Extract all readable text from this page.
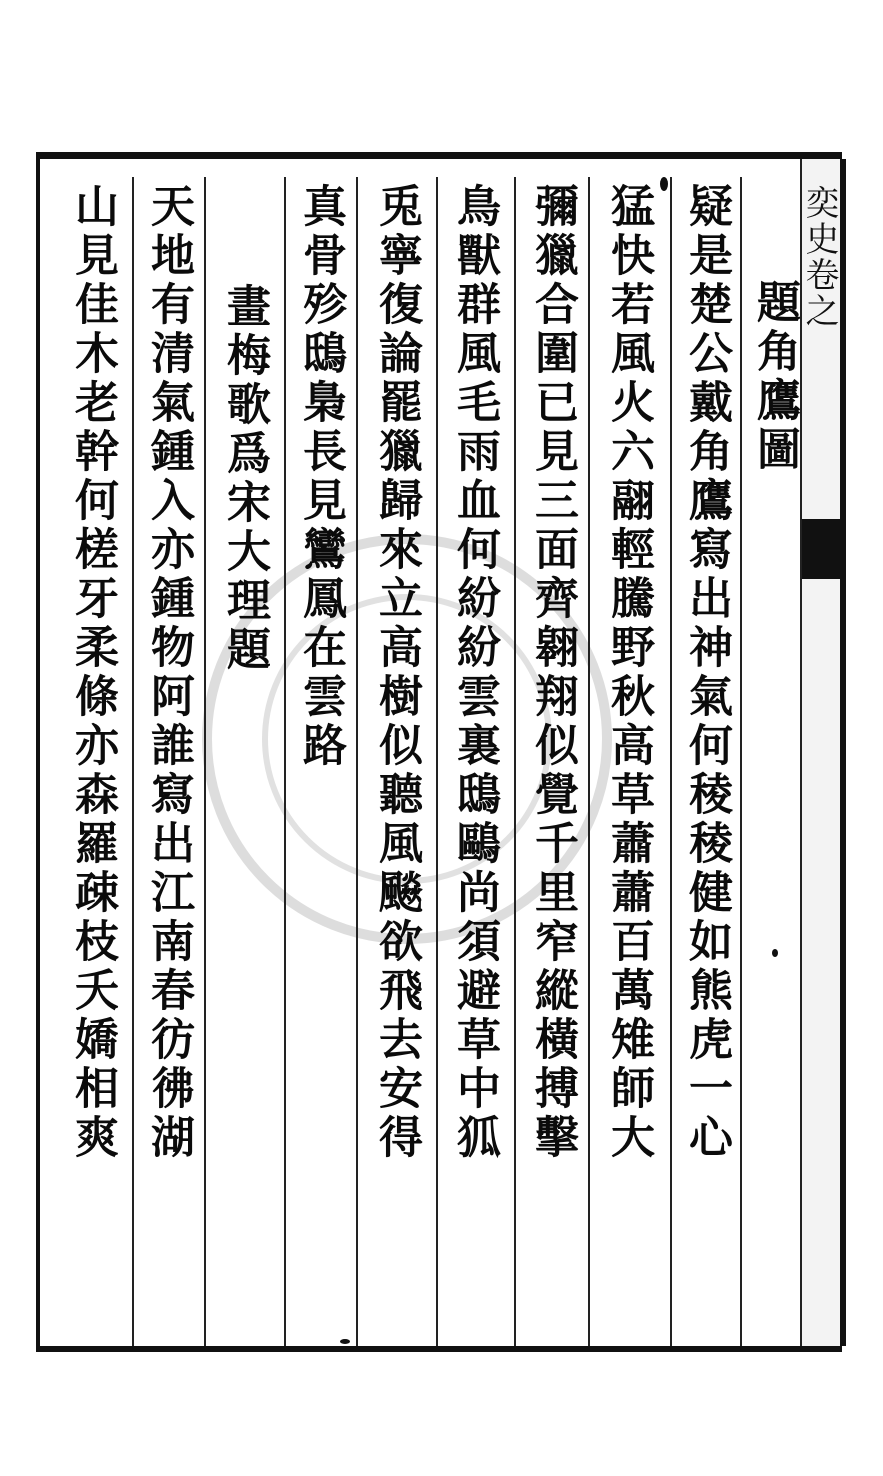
奕史卷之
題角鷹圖
疑是楚公戴角鷹寫出神氣何稜稜健如熊虎一心
猛快若風火六翮輕騰野秋高草蕭蕭百萬雉師大
彌獵合圍已見三面齊翱翔似覺千里窄縱橫搏擊
鳥獸群風毛雨血何紛紛雲裏鴟鷗尚須避草中狐
兎寧復論罷獵歸來立高樹似聽風飈欲飛去安得
真骨殄鴟梟長見鸞鳳在雲路
畫梅歌爲宋大理題
天地有清氣鍾入亦鍾物阿誰寫出江南春彷彿湖
山見佳木老幹何槎牙柔條亦森羅疎枝夭嬌相爽
